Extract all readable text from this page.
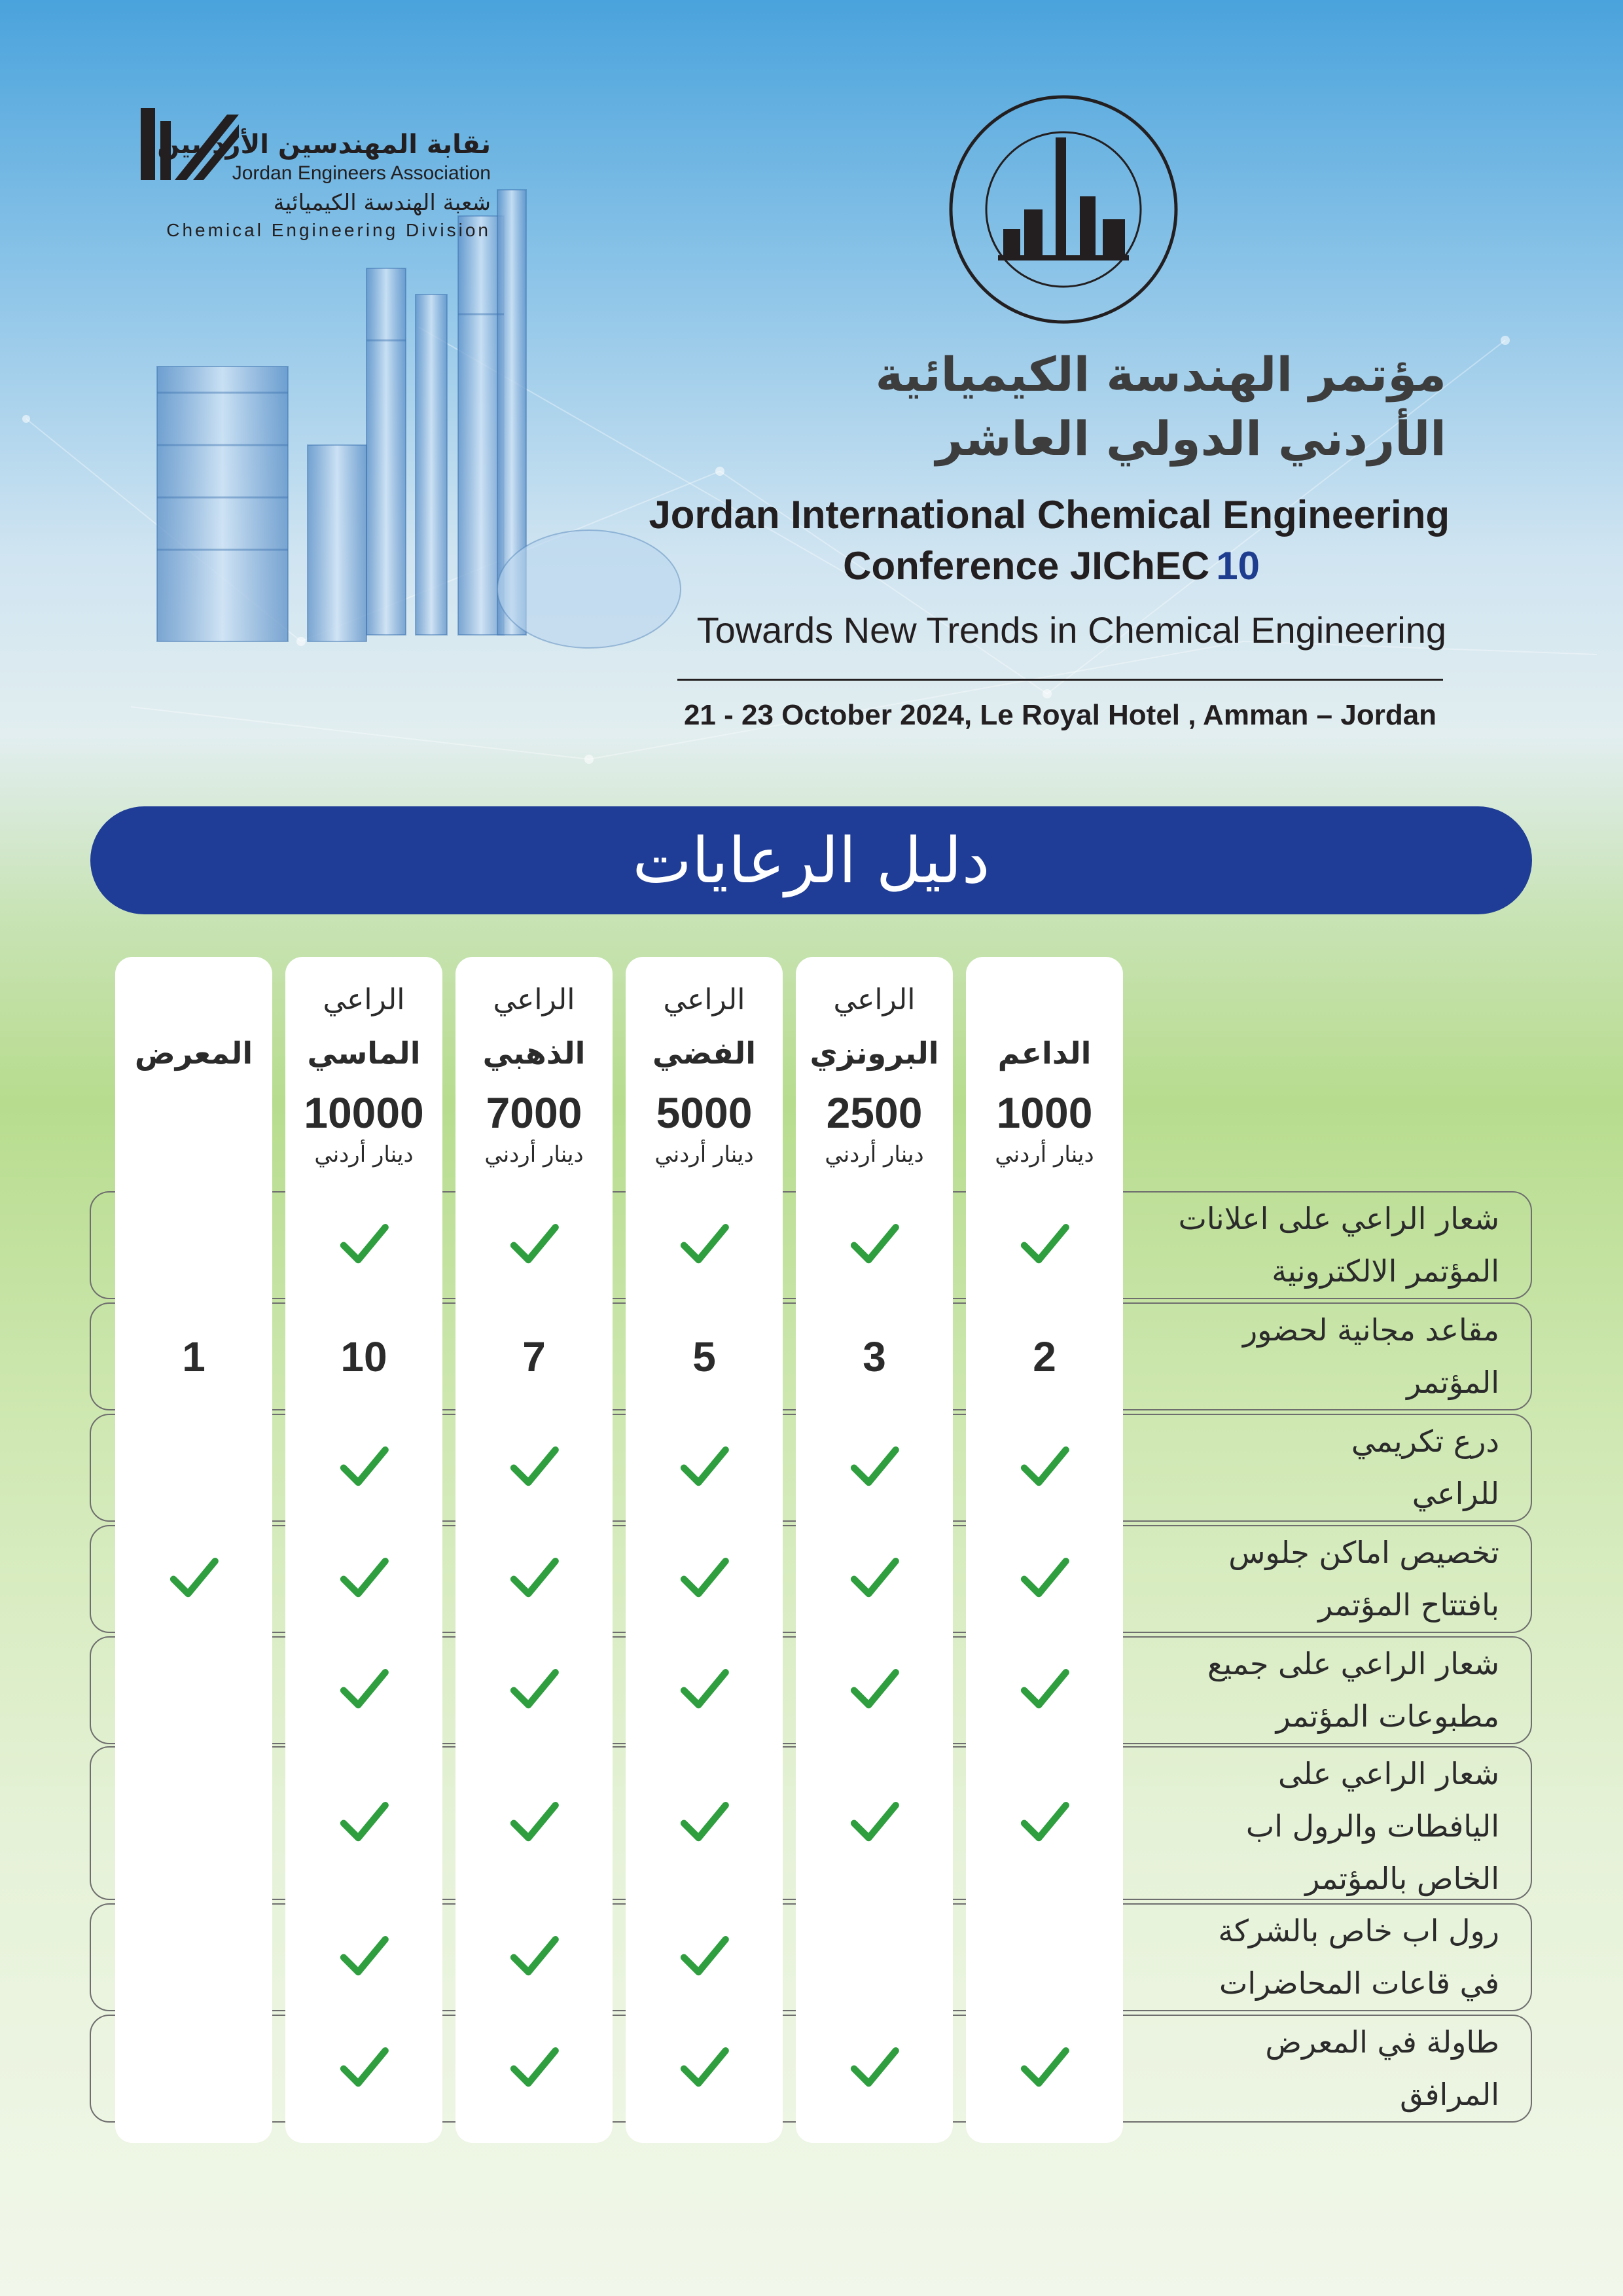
نقابة المهندسين الأردنيين
Jordan Engineers Association
شعبة الهندسة الكيميائية
Chemical Engineering Division
مؤتمر الهندسة الكيميائية
الأردني الدولي العاشر
Jordan International Chemical Engineering
Conference JIChEC 10
Towards New Trends in Chemical Engineering
21 - 23 October 2024, Le Royal Hotel , Amman – Jordan
دليل الرعايات
الداعم
1000
دينار أردني
الراعي
البرونزي
2500
دينار أردني
الراعي
الفضي
5000
دينار أردني
الراعي
الذهبي
7000
دينار أردني
الراعي
الماسي
10000
دينار أردني
المعرض
شعار الراعي على اعلانات
المؤتمر الالكترونية
مقاعد مجانية لحضور
المؤتمر
2
3
5
7
10
1
درع تكريمي
للراعي
تخصيص اماكن جلوس
بافتتاح المؤتمر
شعار الراعي على جميع
مطبوعات المؤتمر
شعار الراعي على
اليافطات والرول اب
الخاص بالمؤتمر
رول اب خاص بالشركة
في قاعات المحاضرات
طاولة في المعرض
المرافق
